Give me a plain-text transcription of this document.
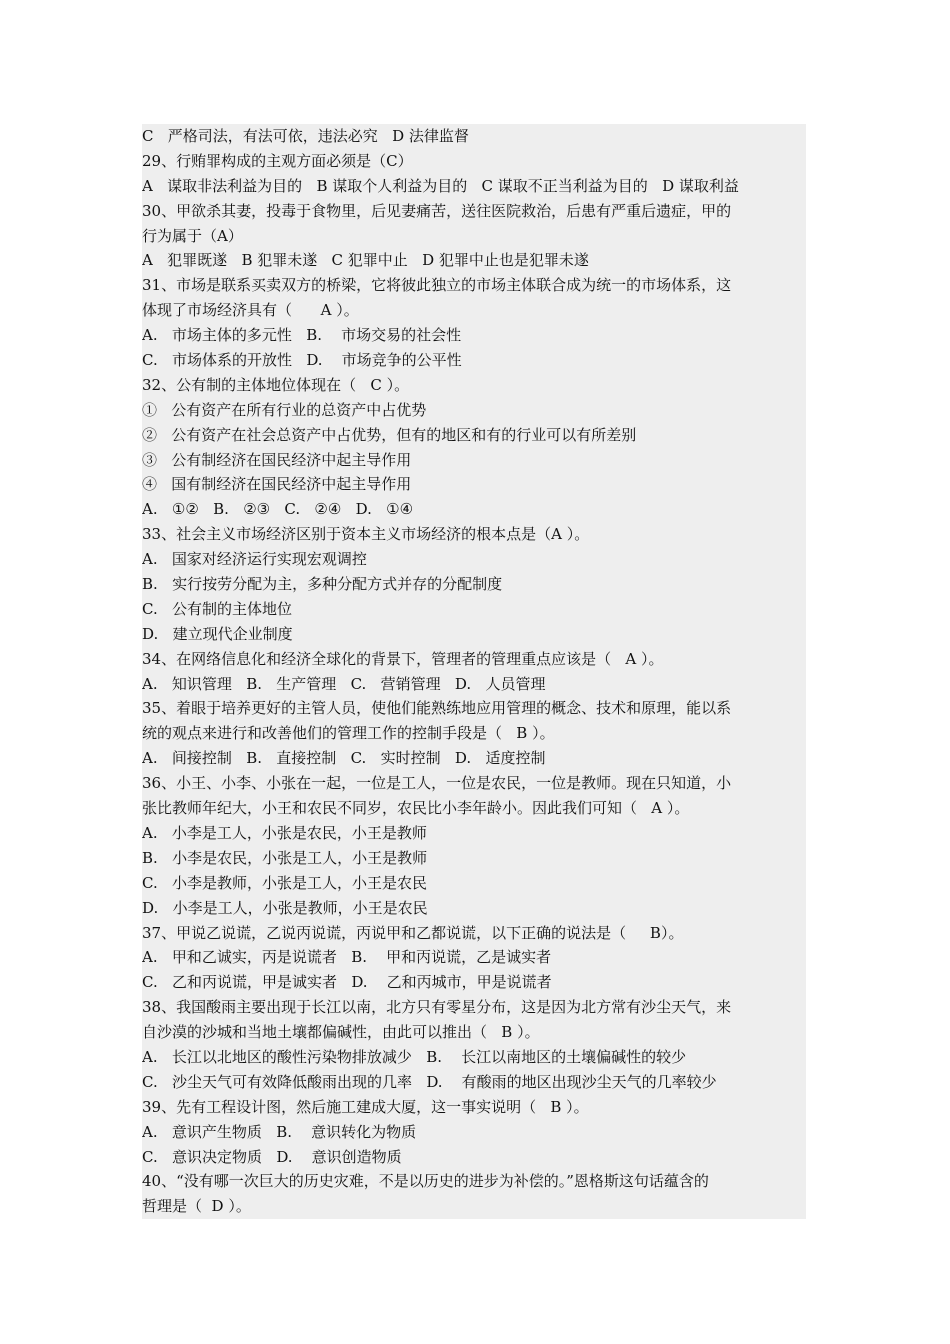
C   严格司法，有法可依，违法必究   D 法律监督
29、行贿罪构成的主观方面必须是（C）
A   谋取非法利益为目的   B 谋取个人利益为目的   C 谋取不正当利益为目的   D 谋取利益
30、甲欲杀其妻，投毒于食物里，后见妻痛苦，送往医院救治，后患有严重后遗症，甲的
行为属于（A）
A   犯罪既遂   B 犯罪未遂   C 犯罪中止   D 犯罪中止也是犯罪未遂
31、市场是联系买卖双方的桥梁，它将彼此独立的市场主体联合成为统一的市场体系，这
体现了市场经济具有（      A ）。
A.   市场主体的多元性   B.    市场交易的社会性
C.   市场体系的开放性   D.    市场竞争的公平性
32、公有制的主体地位体现在（   C ）。
①   公有资产在所有行业的总资产中占优势
②   公有资产在社会总资产中占优势，但有的地区和有的行业可以有所差别
③   公有制经济在国民经济中起主导作用
④   国有制经济在国民经济中起主导作用
A.   ①②   B.   ②③   C.   ②④   D.   ①④
33、社会主义市场经济区别于资本主义市场经济的根本点是（A ）。
A.   国家对经济运行实现宏观调控
B.   实行按劳分配为主，多种分配方式并存的分配制度
C.   公有制的主体地位
D.   建立现代企业制度
34、在网络信息化和经济全球化的背景下，管理者的管理重点应该是（   A ）。
A.   知识管理   B.   生产管理   C.   营销管理   D.   人员管理
35、着眼于培养更好的主管人员，使他们能熟练地应用管理的概念、技术和原理，能以系
统的观点来进行和改善他们的管理工作的控制手段是（   B ）。
A.   间接控制   B.   直接控制   C.   实时控制   D.   适度控制
36、小王、小李、小张在一起，一位是工人，一位是农民，一位是教师。现在只知道，小
张比教师年纪大，小王和农民不同岁，农民比小李年龄小。因此我们可知（   A ）。
A.   小李是工人，小张是农民，小王是教师
B.   小李是农民，小张是工人，小王是教师
C.   小李是教师，小张是工人，小王是农民
D.   小李是工人，小张是教师，小王是农民
37、甲说乙说谎，乙说丙说谎，丙说甲和乙都说谎，以下正确的说法是（     B）。
A.   甲和乙诚实，丙是说谎者   B.    甲和丙说谎，乙是诚实者
C.   乙和丙说谎，甲是诚实者   D.    乙和丙城市，甲是说谎者
38、我国酸雨主要出现于长江以南，北方只有零星分布，这是因为北方常有沙尘天气，来
自沙漠的沙城和当地土壤都偏碱性，由此可以推出（   B ）。
A.   长江以北地区的酸性污染物排放减少   B.    长江以南地区的土壤偏碱性的较少
C.   沙尘天气可有效降低酸雨出现的几率   D.    有酸雨的地区出现沙尘天气的几率较少
39、先有工程设计图，然后施工建成大厦，这一事实说明（   B ）。
A.   意识产生物质   B.    意识转化为物质
C.   意识决定物质   D.    意识创造物质
40、“没有哪一次巨大的历史灾难，不是以历史的进步为补偿的。”恩格斯这句话蕴含的
哲理是（  D ）。
